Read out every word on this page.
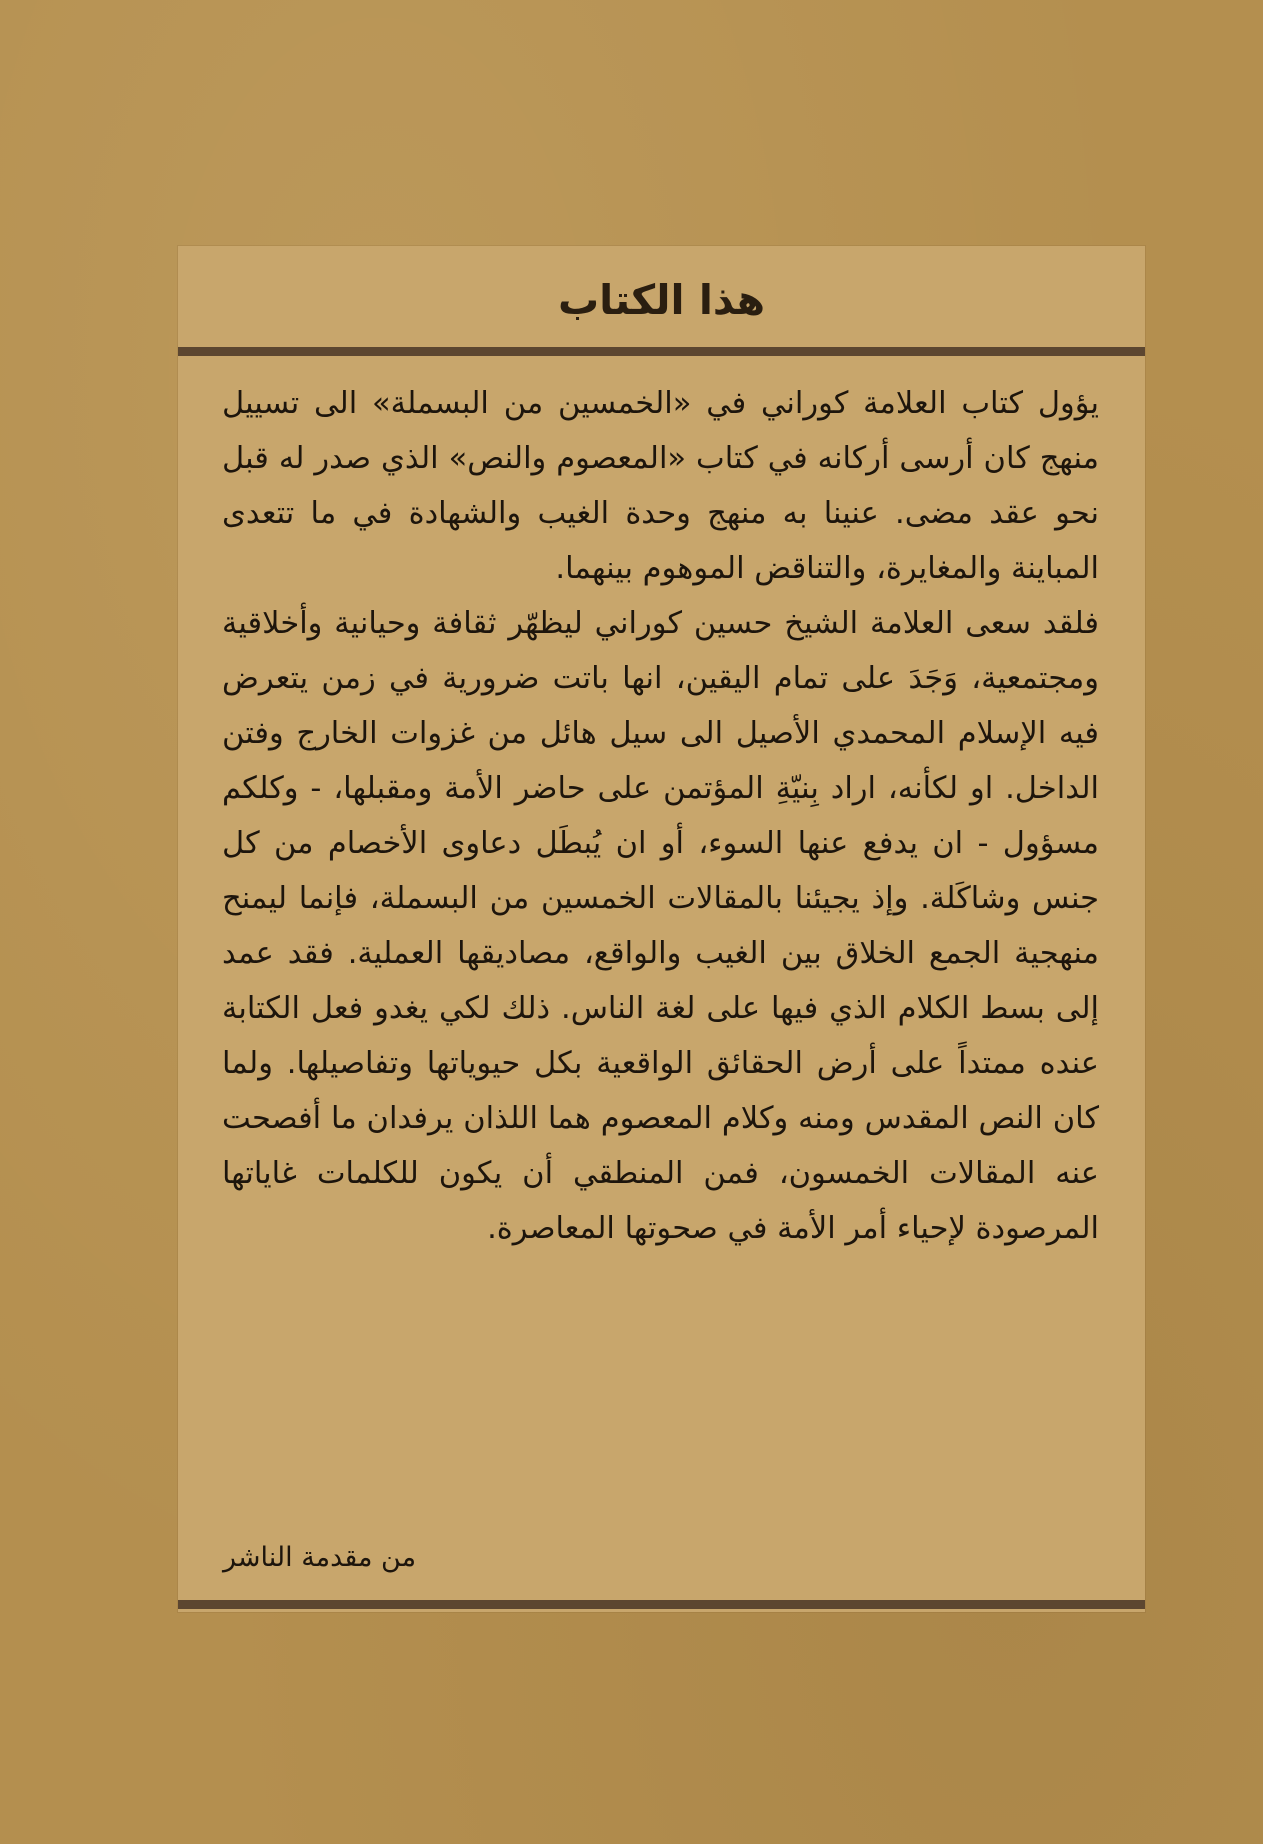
هذا الكتاب

يؤول كتاب العلامة كوراني في «الخمسين من البسملة» الى تسييل منهج كان أرسى أركانه في كتاب «المعصوم والنص» الذي صدر له قبل نحو عقد مضى. عنينا به منهج وحدة الغيب والشهادة في ما تتعدى المباينة والمغايرة، والتناقض الموهوم بينهما.

فلقد سعى العلامة الشيخ حسين كوراني ليظهّر ثقافة وحيانية وأخلاقية ومجتمعية، وَجَدَ على تمام اليقين، انها باتت ضرورية في زمن يتعرض فيه الإسلام المحمدي الأصيل الى سيل هائل من غزوات الخارج وفتن الداخل. او لكأنه، اراد بِنيّةِ المؤتمن على حاضر الأمة ومقبلها، - وكلكم مسؤول - ان يدفع عنها السوء، أو ان يُبطَل دعاوى الأخصام من كل جنس وشاكَلة. وإذ يجيئنا بالمقالات الخمسين من البسملة، فإنما ليمنح منهجية الجمع الخلاق بين الغيب والواقع، مصاديقها العملية. فقد عمد إلى بسط الكلام الذي فيها على لغة الناس. ذلك لكي يغدو فعل الكتابة عنده ممتداً على أرض الحقائق الواقعية بكل حيوياتها وتفاصيلها. ولما كان النص المقدس ومنه وكلام المعصوم هما اللذان يرفدان ما أفصحت عنه المقالات الخمسون، فمن المنطقي أن يكون للكلمات غاياتها المرصودة لإحياء أمر الأمة في صحوتها المعاصرة.

من مقدمة الناشر
